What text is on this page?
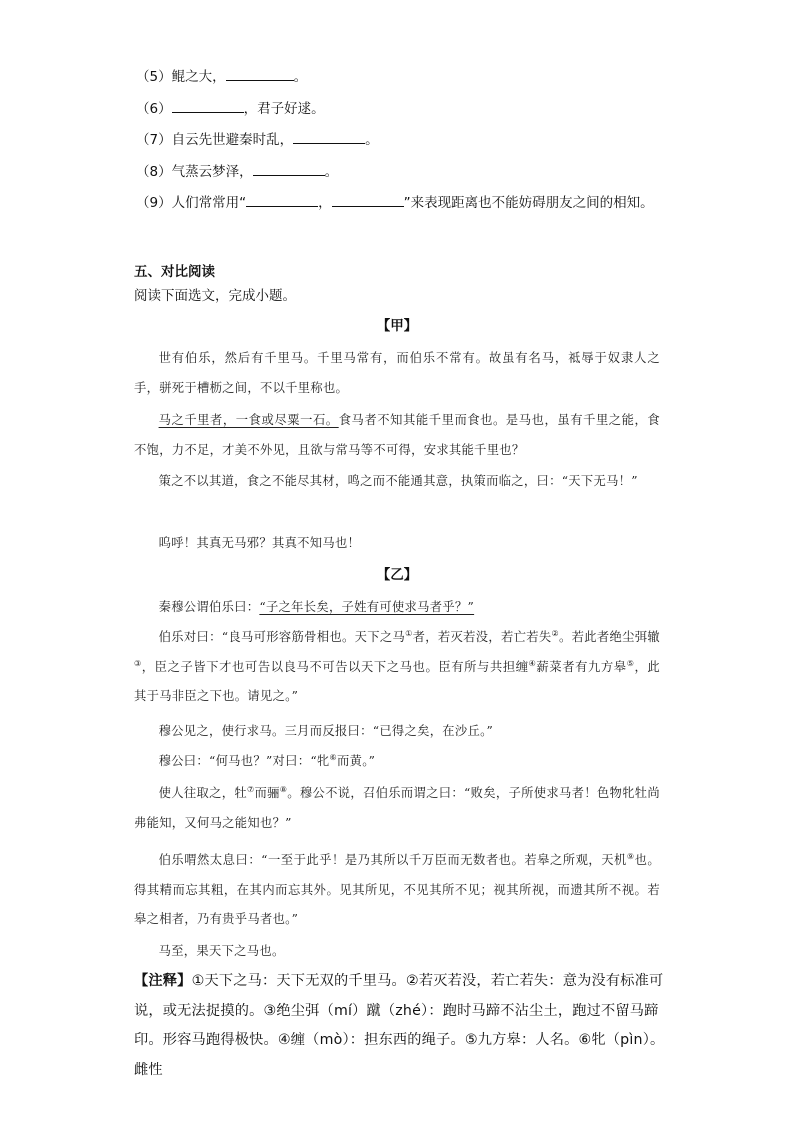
（5）鲲之大，	。
（6）	，君子好逑。
（7）自云先世避秦时乱，	。
（8）气蒸云梦泽，	。
（9）人们常常用“	，	”来表现距离也不能妨碍朋友之间的相知。
五、对比阅读
阅读下面选文，完成小题。
【甲】
世有伯乐，然后有千里马。千里马常有，而伯乐不常有。故虽有名马，祗辱于奴隶人之手，骈死于槽枥之间，不以千里称也。
马之千里者，一食或尽粟一石。食马者不知其能千里而食也。是马也，虽有千里之能，食不饱，力不足，才美不外见，且欲与常马等不可得，安求其能千里也？
策之不以其道，食之不能尽其材，鸣之而不能通其意，执策而临之，曰：“天下无马！”
呜呼！其真无马邪？其真不知马也！
【乙】
秦穆公谓伯乐曰：“子之年长矣，子姓有可使求马者乎？”
伯乐对曰：“良马可形容筋骨相也。天下之马①者，若灭若没，若亡若失②。若此者绝尘弭辙③，臣之子皆下才也可告以良马不可告以天下之马也。臣有所与共担缠④薪菜者有九方皋⑤，此其于马非臣之下也。请见之。”
穆公见之，使行求马。三月而反报曰：“已得之矣，在沙丘。”
穆公曰：“何马也？”对曰：“牝⑥而黄。”
使人往取之，牡⑦而骊⑧。穆公不说，召伯乐而谓之曰：“败矣，子所使求马者！色物牝牡尚弗能知，又何马之能知也？”
伯乐喟然太息曰：“一至于此乎！是乃其所以千万臣而无数者也。若皋之所观，天机⑨也。得其精而忘其粗，在其内而忘其外。见其所见，不见其所不见；视其所视，而遗其所不视。若皋之相者，乃有贵乎马者也。”
马至，果天下之马也。
【注释】①天下之马：天下无双的千里马。②若灭若没，若亡若失：意为没有标准可说，或无法捉摸的。③绝尘弭（mí）蹴（zhé）：跑时马蹄不沾尘土，跑过不留马蹄印。形容马跑得极快。④缠（mò）：担东西的绳子。⑤九方皋：人名。⑥牝（pìn）。雌性
